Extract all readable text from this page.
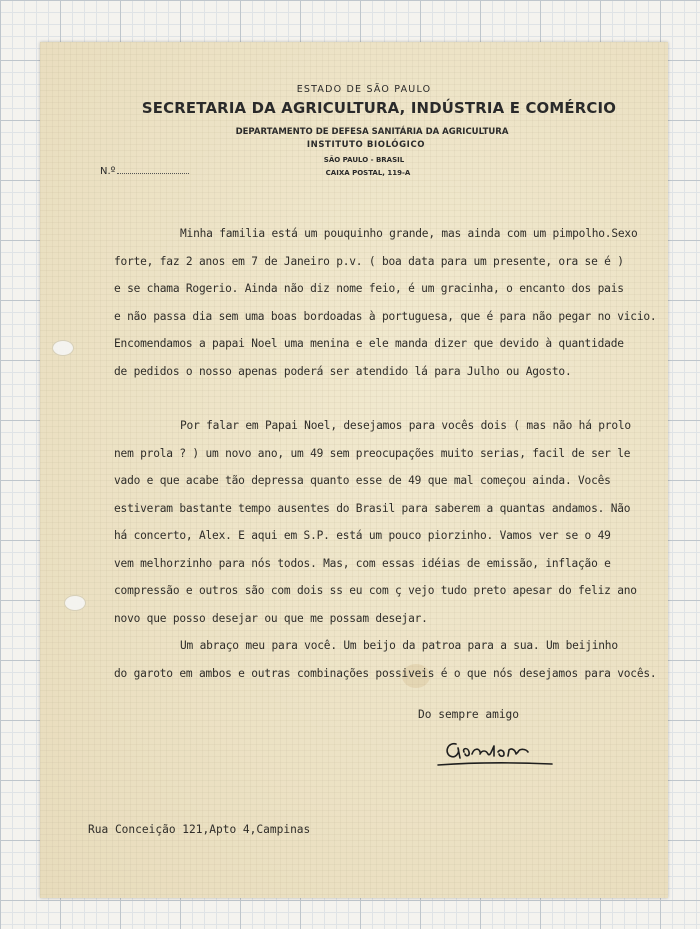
ESTADO DE SÃO PAULO
SECRETARIA DA AGRICULTURA, INDÚSTRIA E COMÉRCIO
DEPARTAMENTO DE DEFESA SANITÁRIA DA AGRICULTURA
INSTITUTO BIOLÓGICO
SÃO PAULO - BRASIL
CAIXA POSTAL, 119-A
N.º

Minha familia está um pouquinho grande, mas ainda com um pimpolho.Sexo

forte, faz 2 anos em 7 de Janeiro p.v. ( boa data para um presente, ora se é )

e se chama Rogerio. Ainda não diz nome feio, é um gracinha, o encanto dos pais

e não passa dia sem uma boas bordoadas à portuguesa, que é para não pegar no vicio.

Encomendamos a papai Noel uma menina e ele manda dizer que devido à quantidade

de pedidos o nosso apenas poderá ser atendido lá para Julho ou Agosto.

Por falar em Papai Noel, desejamos para vocês dois ( mas não há prolo

nem prola ? ) um novo ano, um 49 sem preocupações muito serias, facil de ser le

vado e que acabe tão depressa quanto esse de 49 que mal começou ainda. Vocês

estiveram bastante tempo ausentes do Brasil para saberem a quantas andamos. Não

há concerto, Alex. E aqui em S.P. está um pouco piorzinho. Vamos ver se o 49

vem melhorzinho para nós todos. Mas, com essas idéias de emissão, inflação e

compressão e outros são com dois ss eu com ç vejo tudo preto apesar do feliz ano

novo que posso desejar ou que me possam desejar.

Um abraço meu para você. Um beijo da patroa para a sua. Um beijinho

do garoto em ambos e outras combinações possiveis é o que nós desejamos para vocês.

Do sempre amigo
Rua Conceição 121,Apto 4,Campinas
